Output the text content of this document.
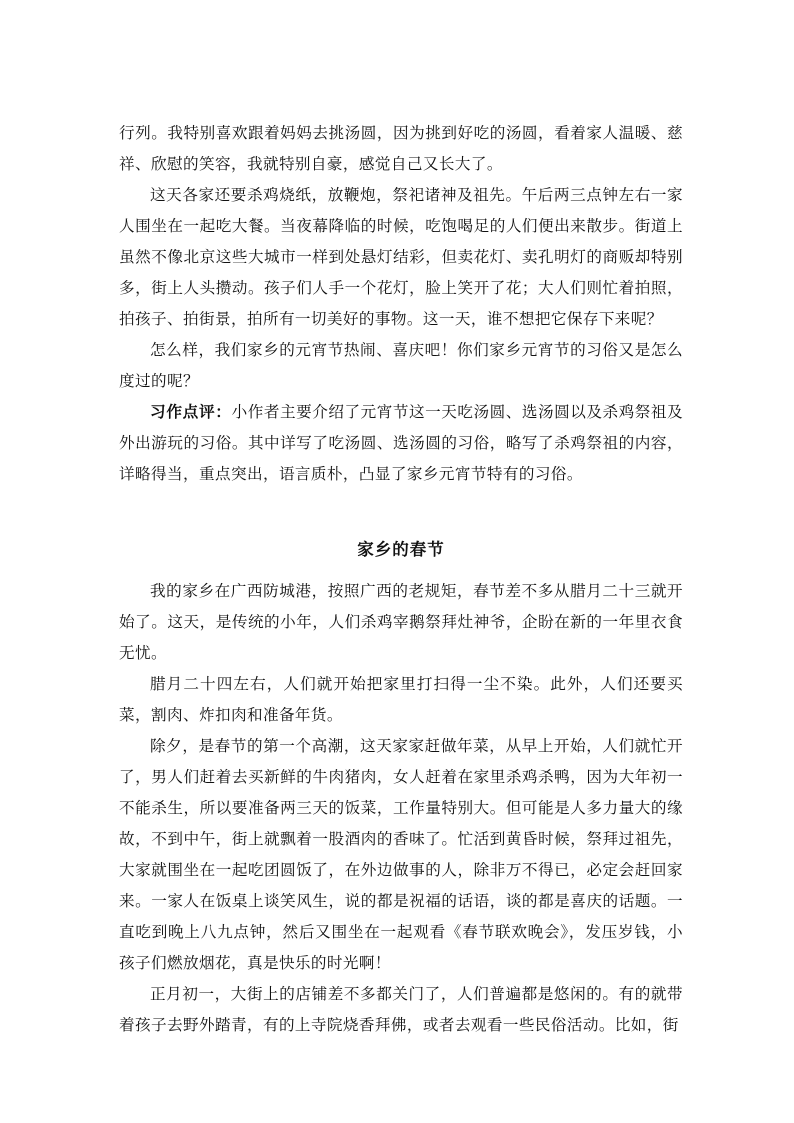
行列。我特别喜欢跟着妈妈去挑汤圆，因为挑到好吃的汤圆，看着家人温暖、慈祥、欣慰的笑容，我就特别自豪，感觉自己又长大了。

这天各家还要杀鸡烧纸，放鞭炮，祭祀诸神及祖先。午后两三点钟左右一家人围坐在一起吃大餐。当夜幕降临的时候，吃饱喝足的人们便出来散步。街道上虽然不像北京这些大城市一样到处悬灯结彩，但卖花灯、卖孔明灯的商贩却特别多，街上人头攒动。孩子们人手一个花灯，脸上笑开了花；大人们则忙着拍照，拍孩子、拍街景，拍所有一切美好的事物。这一天，谁不想把它保存下来呢？

怎么样，我们家乡的元宵节热闹、喜庆吧！你们家乡元宵节的习俗又是怎么度过的呢？

习作点评：小作者主要介绍了元宵节这一天吃汤圆、选汤圆以及杀鸡祭祖及外出游玩的习俗。其中详写了吃汤圆、选汤圆的习俗，略写了杀鸡祭祖的内容，详略得当，重点突出，语言质朴，凸显了家乡元宵节特有的习俗。

家乡的春节

我的家乡在广西防城港，按照广西的老规矩，春节差不多从腊月二十三就开始了。这天，是传统的小年，人们杀鸡宰鹅祭拜灶神爷，企盼在新的一年里衣食无忧。

腊月二十四左右，人们就开始把家里打扫得一尘不染。此外，人们还要买菜，割肉、炸扣肉和准备年货。

除夕，是春节的第一个高潮，这天家家赶做年菜，从早上开始，人们就忙开了，男人们赶着去买新鲜的牛肉猪肉，女人赶着在家里杀鸡杀鸭，因为大年初一不能杀生，所以要准备两三天的饭菜，工作量特别大。但可能是人多力量大的缘故，不到中午，街上就飘着一股酒肉的香味了。忙活到黄昏时候，祭拜过祖先，大家就围坐在一起吃团圆饭了，在外边做事的人，除非万不得已，必定会赶回家来。一家人在饭桌上谈笑风生，说的都是祝福的话语，谈的都是喜庆的话题。一直吃到晚上八九点钟，然后又围坐在一起观看《春节联欢晚会》，发压岁钱，小孩子们燃放烟花，真是快乐的时光啊！

正月初一，大街上的店铺差不多都关门了，人们普遍都是悠闲的。有的就带着孩子去野外踏青，有的上寺院烧香拜佛，或者去观看一些民俗活动。比如，街
